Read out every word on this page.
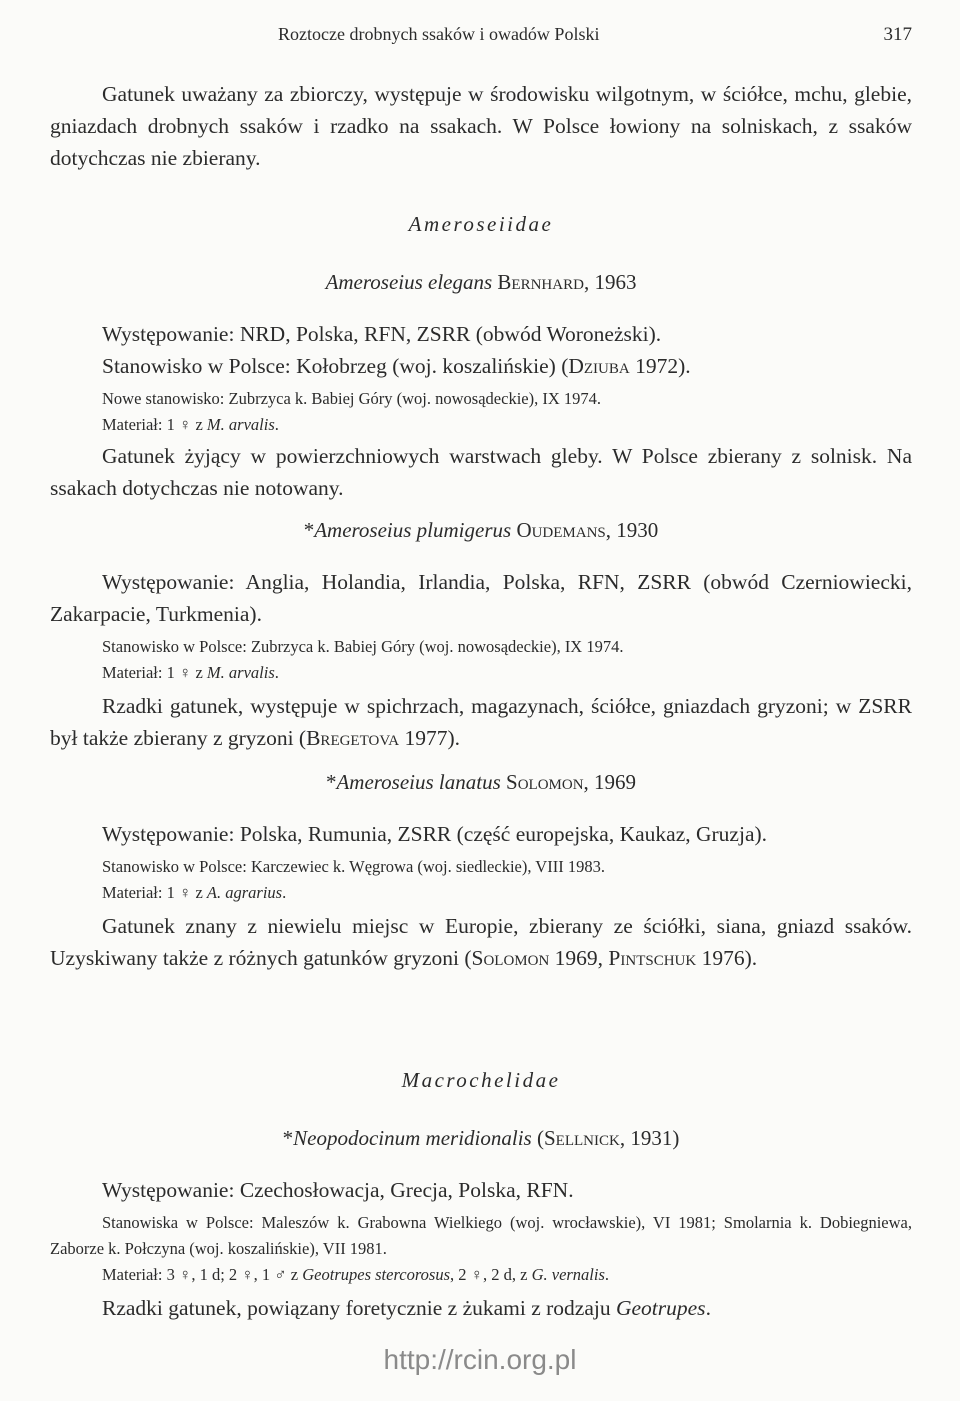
Roztocze drobnych ssaków i owadów Polski	317

Gatunek uważany za zbiorczy, występuje w środowisku wilgotnym, w ściółce, mchu, glebie, gniazdach drobnych ssaków i rzadko na ssakach. W Polsce łowiony na solniskach, z ssaków dotychczas nie zbierany.

Ameroseiidae
Ameroseius elegans Bernhard, 1963

Występowanie: NRD, Polska, RFN, ZSRR (obwód Woroneżski).

Stanowisko w Polsce: Kołobrzeg (woj. koszalińskie) (Dziuba 1972).

Nowe stanowisko: Zubrzyca k. Babiej Góry (woj. nowosądeckie), IX 1974.

Materiał: 1 ♀ z M. arvalis.

Gatunek żyjący w powierzchniowych warstwach gleby. W Polsce zbierany z solnisk. Na ssakach dotychczas nie notowany.

*Ameroseius plumigerus Oudemans, 1930

Występowanie: Anglia, Holandia, Irlandia, Polska, RFN, ZSRR (obwód Czerniowiecki, Zakarpacie, Turkmenia).

Stanowisko w Polsce: Zubrzyca k. Babiej Góry (woj. nowosądeckie), IX 1974.

Materiał: 1 ♀ z M. arvalis.

Rzadki gatunek, występuje w spichrzach, magazynach, ściółce, gniazdach gryzoni; w ZSRR był także zbierany z gryzoni (Bregetova 1977).

*Ameroseius lanatus Solomon, 1969

Występowanie: Polska, Rumunia, ZSRR (część europejska, Kaukaz, Gruzja).

Stanowisko w Polsce: Karczewiec k. Węgrowa (woj. siedleckie), VIII 1983.

Materiał: 1 ♀ z A. agrarius.

Gatunek znany z niewielu miejsc w Europie, zbierany ze ściółki, siana, gniazd ssaków. Uzyskiwany także z różnych gatunków gryzoni (Solomon 1969, Pintschuk 1976).

Macrochelidae
*Neopodocinum meridionalis (Sellnick, 1931)

Występowanie: Czechosłowacja, Grecja, Polska, RFN.

Stanowiska w Polsce: Maleszów k. Grabowna Wielkiego (woj. wrocławskie), VI 1981; Smolarnia k. Dobiegniewa, Zaborze k. Połczyna (woj. koszalińskie), VII 1981.

Materiał: 3 ♀, 1 d; 2 ♀, 1 ♂ z Geotrupes stercorosus, 2 ♀, 2 d, z G. vernalis.

Rzadki gatunek, powiązany foretycznie z żukami z rodzaju Geotrupes.

http://rcin.org.pl
